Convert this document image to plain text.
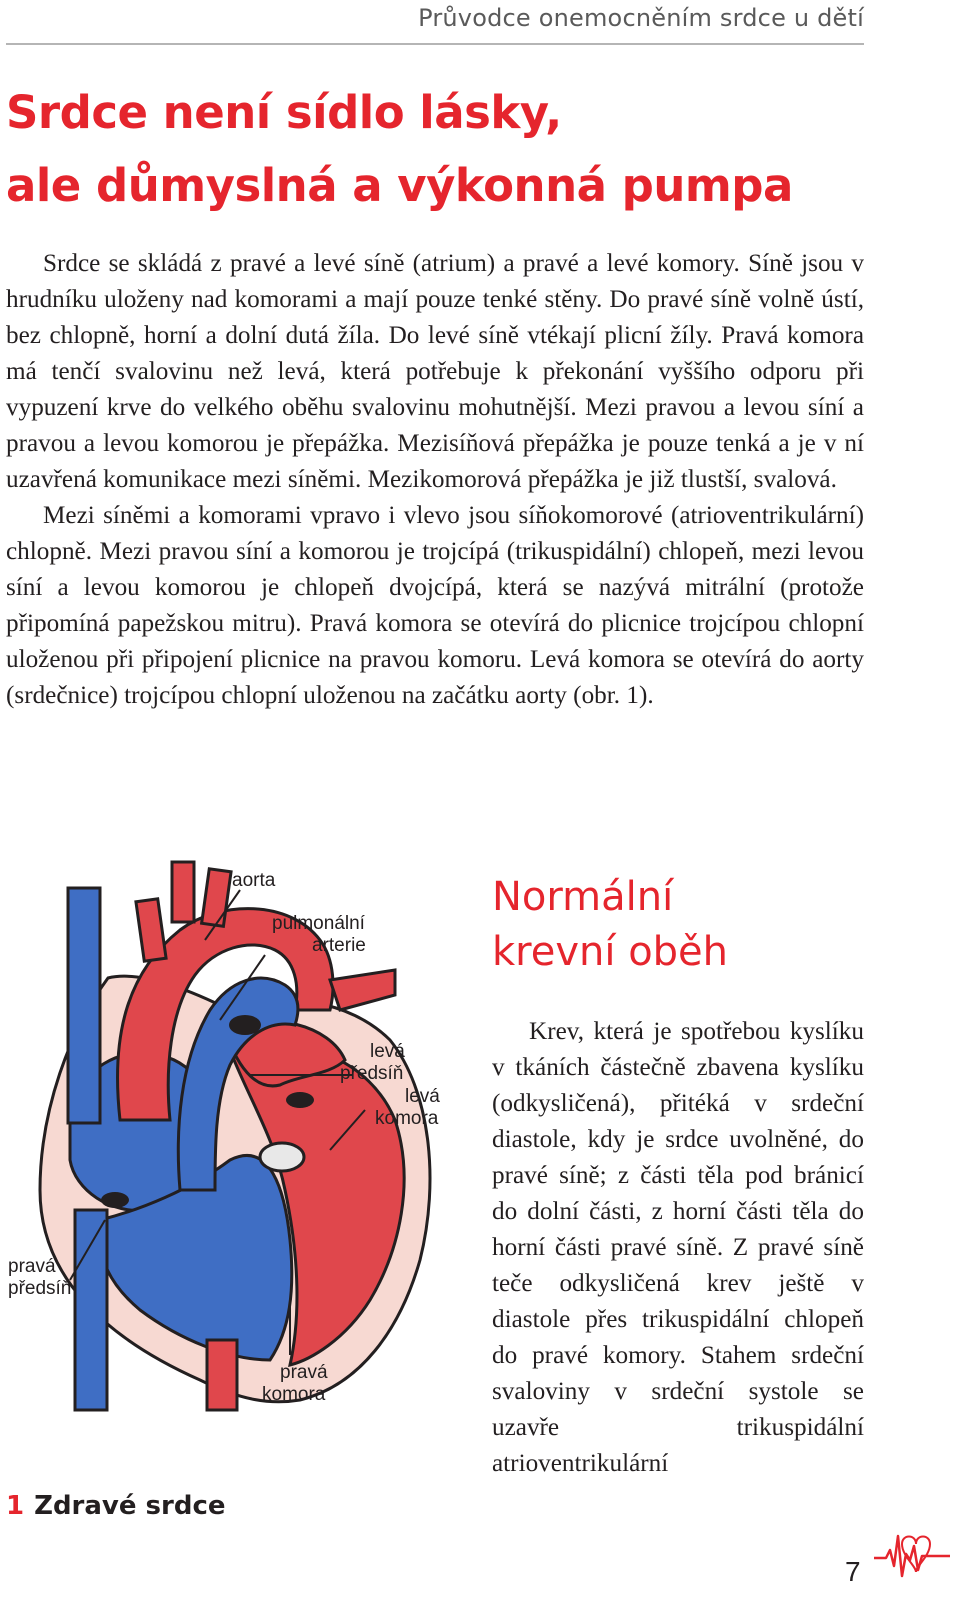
Průvodce onemocněním srdce u dětí
Srdce není sídlo lásky,
ale důmyslná a výkonná pumpa

Srdce se skládá z pravé a levé síně (atrium) a pravé a levé komory. Síně jsou v hrudníku uloženy nad komorami a mají pouze tenké stěny. Do pravé síně volně ústí, bez chlopně, horní a dolní dutá žíla. Do levé síně vtékají plicní žíly. Pravá komora má tenčí svalovinu než levá, která potřebuje k překonání vyššího odporu při vypuzení krve do velkého oběhu svalovinu mohutnější. Mezi pravou a levou síní a pravou a levou komorou je přepážka. Mezisíňová přepážka je pouze tenká a je v ní uzavřená komunikace mezi síněmi. Mezikomorová přepážka je již tlustší, svalová.

Mezi síněmi a komorami vpravo i vlevo jsou síňokomorové (atrioventrikulární) chlopně. Mezi pravou síní a komorou je trojcípá (trikuspidální) chlopeň, mezi levou síní a levou komorou je chlopeň dvojcípá, která se nazývá mitrální (protože připomíná papežskou mitru). Pravá komora se otevírá do plicnice trojcípou chlopní uloženou při připojení plicnice na pravou komoru. Levá komora se otevírá do aorty (srdečnice) trojcípou chlopní uloženou na začátku aorty (obr. 1).

aorta
pulmonální
arterie
levá
předsíň
levá
komora
pravá
předsíň
pravá
komora
1 Zdravé srdce
Normální
krevní oběh

Krev, která je spotřebou kyslíku v tkáních částečně zbavena kyslíku (odkysličená), přitéká v srdeční diastole, kdy je srdce uvolněné, do pravé síně; z části těla pod bránicí do dolní části, z horní části těla do horní části pravé síně. Z pravé síně teče odkysličená krev ještě v diastole přes trikuspidální chlopeň do pravé komory. Stahem srdeční svaloviny v srdeční systole se uzavře trikuspidální atrioventrikulární

7
